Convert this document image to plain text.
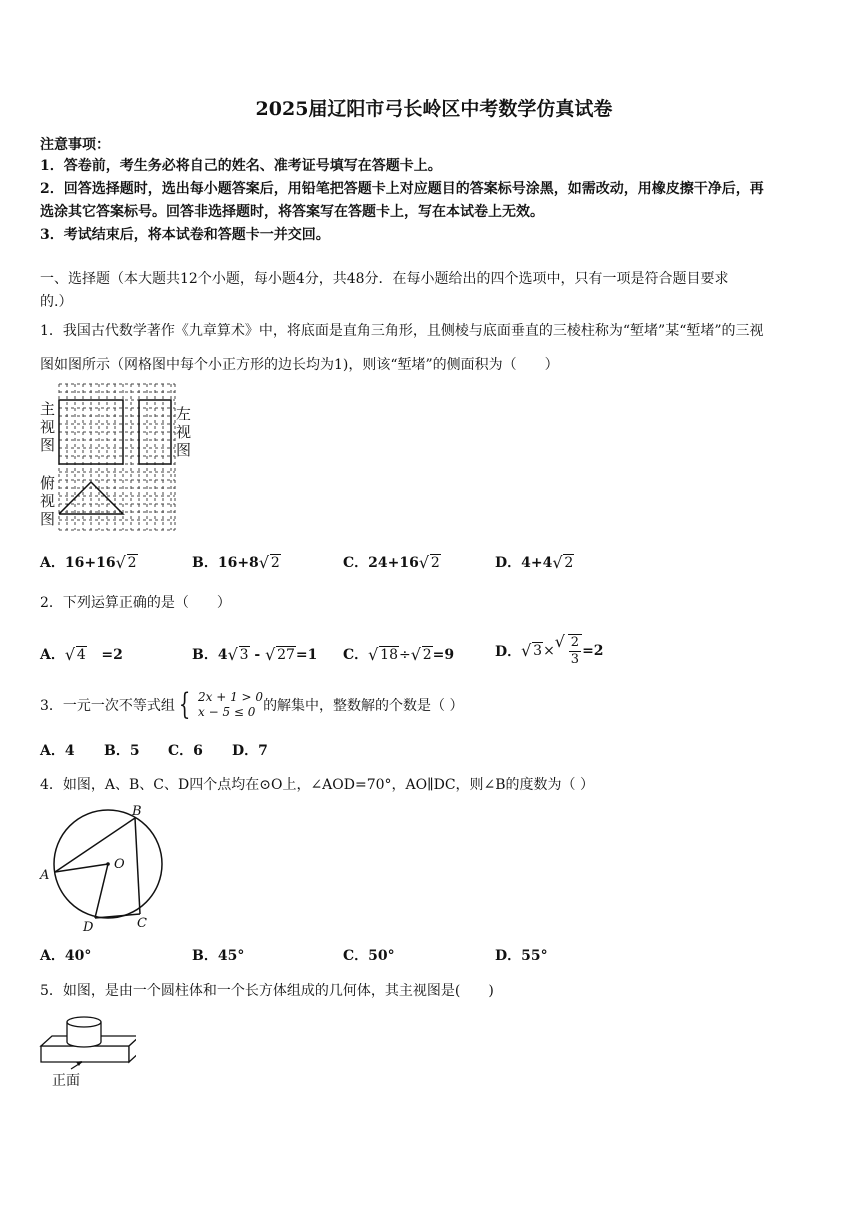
2025届辽阳市弓长岭区中考数学仿真试卷
注意事项：
1．答卷前，考生务必将自己的姓名、准考证号填写在答题卡上。
2．回答选择题时，选出每小题答案后，用铅笔把答题卡上对应题目的答案标号涂黑，如需改动，用橡皮擦干净后，再
选涂其它答案标号。回答非选择题时，将答案写在答题卡上，写在本试卷上无效。
3．考试结束后，将本试卷和答题卡一并交回。
一、选择题（本大题共12个小题，每小题4分，共48分．在每小题给出的四个选项中，只有一项是符合题目要求
的.）
1．我国古代数学著作《九章算术》中，将底面是直角三角形，且侧棱与底面垂直的三棱柱称为“堑堵”某“堑堵”的三视
图如图所示（网格图中每个小正方形的边长均为1)，则该“堑堵”的侧面积为（　　）
主
视
图
左
视
图
俯
视
图
A．16+16 √ 2	B．16+8 √ 2	C．24+16 √ 2	D．4+4 √ 2
2．下列运算正确的是（　　）
A． √ 4 =2	B．4 √ 3 - √ 27=1 C． √ 18÷ √ 2=9	D． √ 3× √ $\frac{2}{3} =2$
3．一元一次不等式组 { 2x + 1 > 0
x − 5 ≤ 0 的解集中，整数解的个数是（ ）
A．4 B．5 C．6 D．7
4．如图，A、B、C、D四个点均在⊙O上，∠AOD=70°，AO∥DC，则∠B的度数为（ ）
B
A
O
C
D
A．40°	B．45°	C．50°	D．55°
5．如图，是由一个圆柱体和一个长方体组成的几何体，其主视图是(　　)
正面
